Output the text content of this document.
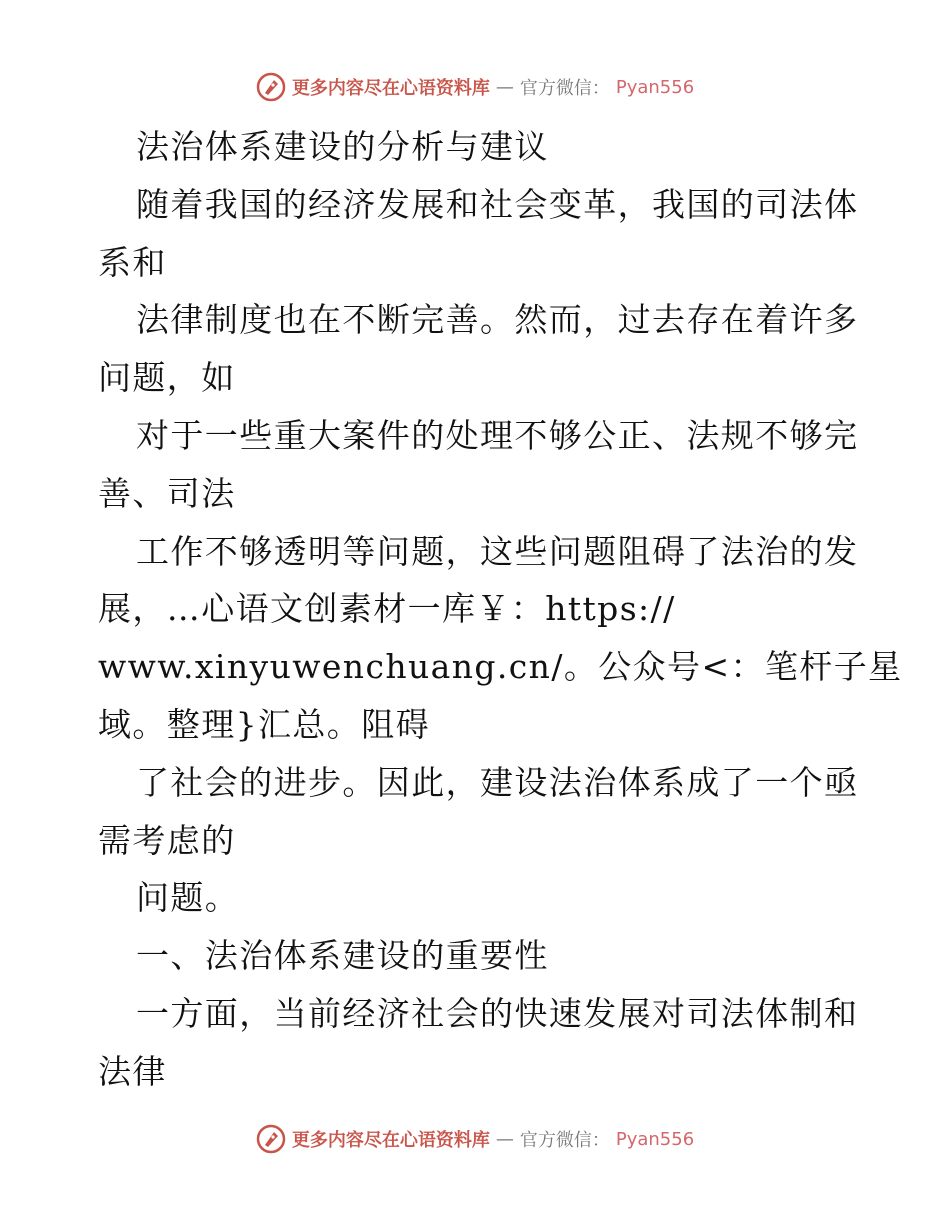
更多内容尽在心语资料库 — 官方微信： Pyan556
法治体系建设的分析与建议
随着我国的经济发展和社会变革，我国的司法体
系和
法律制度也在不断完善。然而，过去存在着许多
问题，如
对于一些重大案件的处理不够公正、法规不够完
善、司法
工作不够透明等问题，这些问题阻碍了法治的发
展，…心语文创素材一库￥：https://
www.xinyuwenchuang.cn/。公众号<：笔杆子星
域。整理}汇总。阻碍
了社会的进步。因此，建设法治体系成了一个亟
需考虑的
问题。
一、法治体系建设的重要性
一方面，当前经济社会的快速发展对司法体制和
法律
更多内容尽在心语资料库 — 官方微信： Pyan556
